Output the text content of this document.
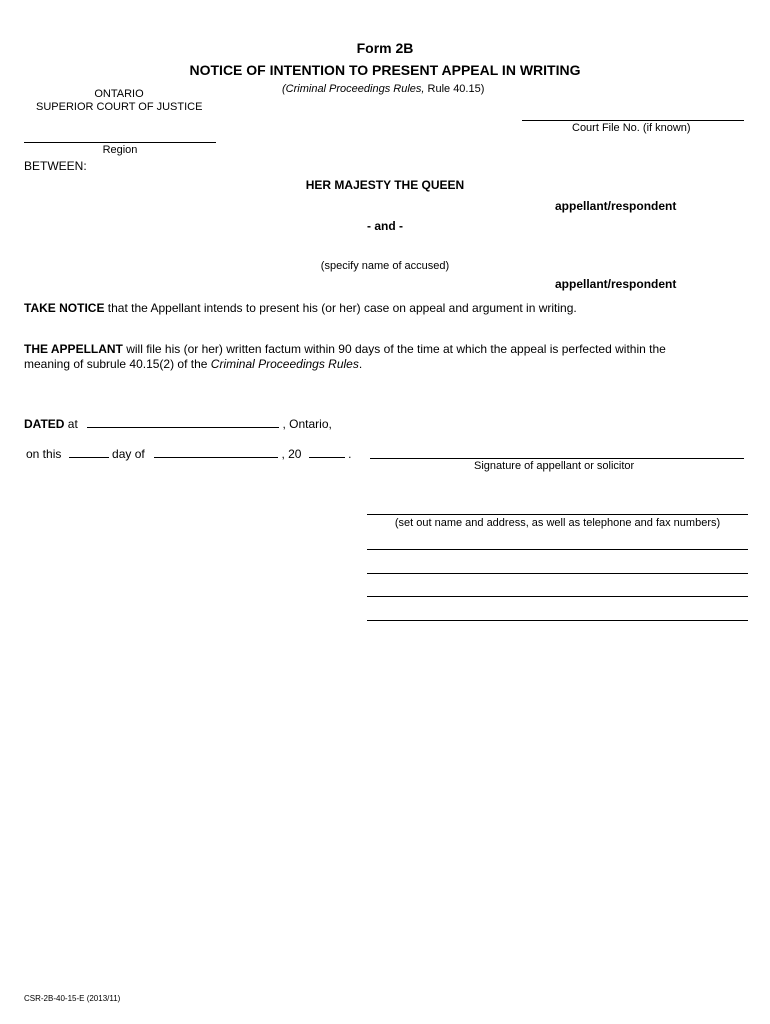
Form 2B
NOTICE OF INTENTION TO PRESENT APPEAL IN WRITING
(Criminal Proceedings Rules, Rule 40.15)
ONTARIO
SUPERIOR COURT OF JUSTICE
Court File No. (if known)
Region
BETWEEN:
HER MAJESTY THE QUEEN
appellant/respondent
- and -
(specify name of accused)
appellant/respondent
TAKE NOTICE that the Appellant intends to present his (or her) case on appeal and argument in writing.
THE APPELLANT will file his (or her) written factum within 90 days of the time at which the appeal is perfected within the
meaning of subrule 40.15(2) of the Criminal Proceedings Rules.
DATED at	, Ontario,
on this	day of	, 20	.
Signature of appellant or solicitor
(set out name and address, as well as telephone and fax numbers)
CSR-2B-40-15-E (2013/11)
